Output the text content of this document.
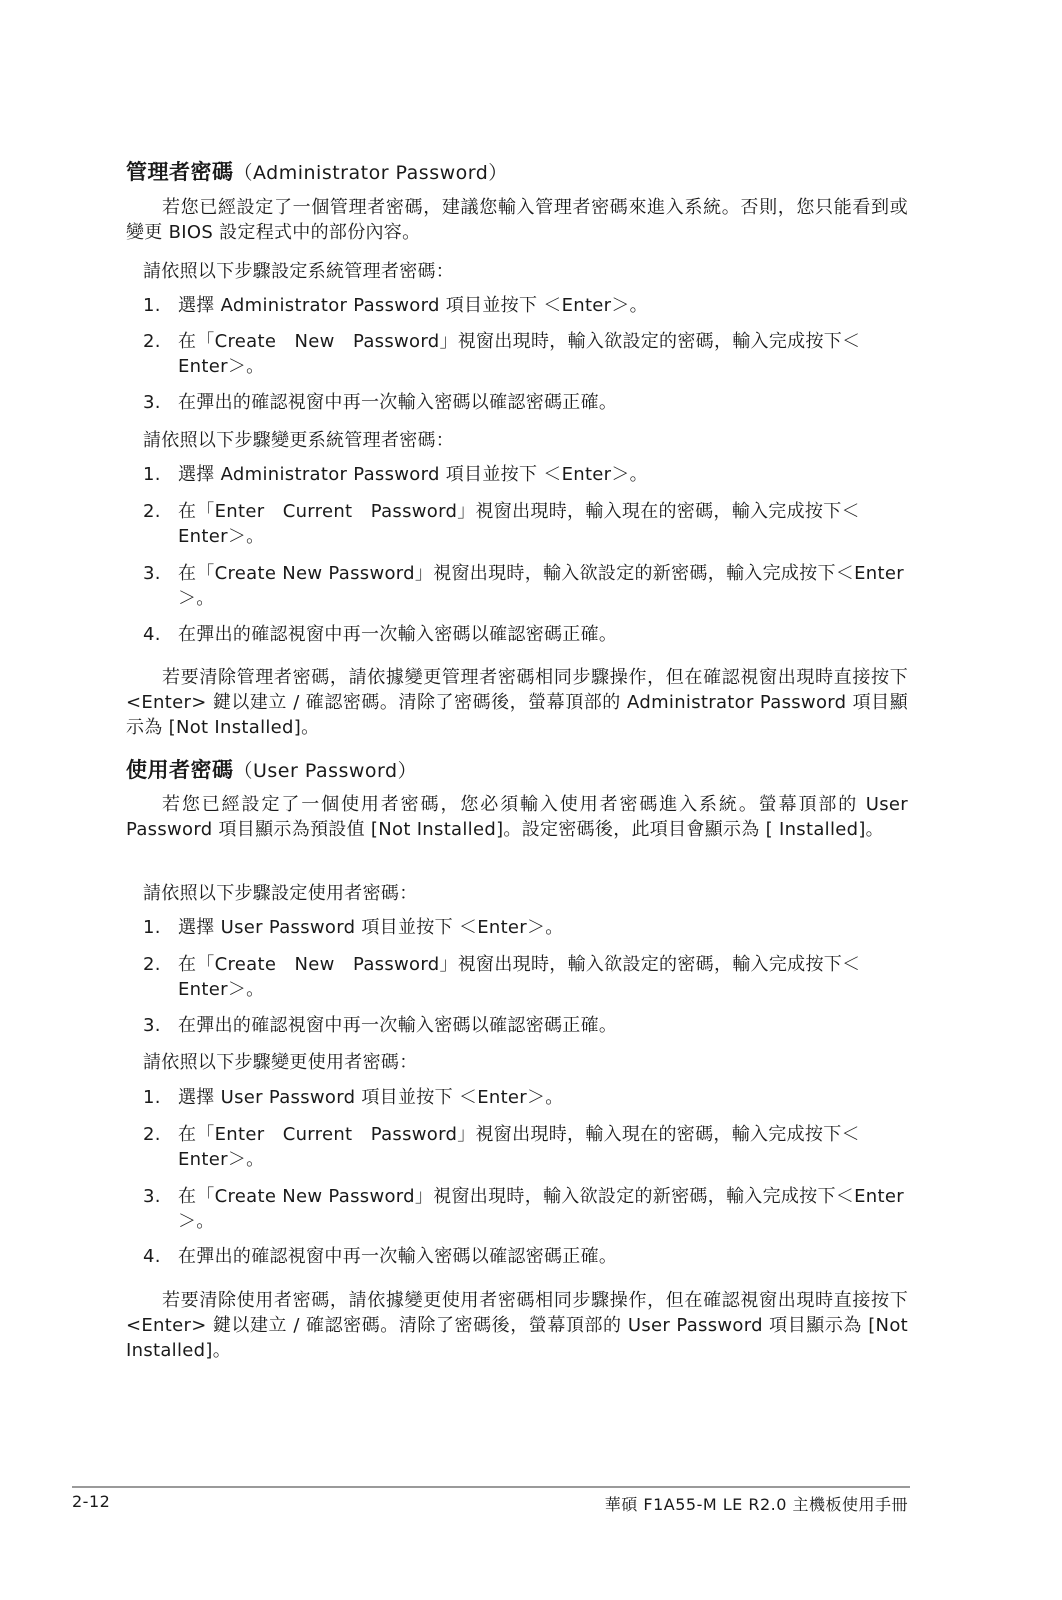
管理者密碼（Administrator Password）
若您已經設定了一個管理者密碼，建議您輸入管理者密碼來進入系統。否則，您只能看到或變更 BIOS 設定程式中的部份內容。
請依照以下步驟設定系統管理者密碼：
1. 選擇 Administrator Password 項目並按下 ＜Enter＞。
2. 在「Create　New　Password」視窗出現時，輸入欲設定的密碼，輸入完成按下＜Enter＞。
3. 在彈出的確認視窗中再一次輸入密碼以確認密碼正確。
請依照以下步驟變更系統管理者密碼：
1. 選擇 Administrator Password 項目並按下 ＜Enter＞。
2. 在「Enter　Current　Password」視窗出現時，輸入現在的密碼，輸入完成按下＜Enter＞。
3. 在「Create New Password」視窗出現時，輸入欲設定的新密碼，輸入完成按下＜Enter＞。
4. 在彈出的確認視窗中再一次輸入密碼以確認密碼正確。
若要清除管理者密碼，請依據變更管理者密碼相同步驟操作，但在確認視窗出現時直接按下 <Enter> 鍵以建立 / 確認密碼。清除了密碼後，螢幕頂部的 Administrator Password 項目顯示為 [Not Installed]。
使用者密碼（User Password）
若您已經設定了一個使用者密碼，您必須輸入使用者密碼進入系統。螢幕頂部的 User Password 項目顯示為預設值 [Not Installed]。設定密碼後，此項目會顯示為 [ Installed]。
請依照以下步驟設定使用者密碼：
1. 選擇 User Password 項目並按下 ＜Enter＞。
2. 在「Create　New　Password」視窗出現時，輸入欲設定的密碼，輸入完成按下＜Enter＞。
3. 在彈出的確認視窗中再一次輸入密碼以確認密碼正確。
請依照以下步驟變更使用者密碼：
1. 選擇 User Password 項目並按下 ＜Enter＞。
2. 在「Enter　Current　Password」視窗出現時，輸入現在的密碼，輸入完成按下＜Enter＞。
3. 在「Create New Password」視窗出現時，輸入欲設定的新密碼，輸入完成按下＜Enter＞。
4. 在彈出的確認視窗中再一次輸入密碼以確認密碼正確。
若要清除使用者密碼，請依據變更使用者密碼相同步驟操作，但在確認視窗出現時直接按下 <Enter> 鍵以建立 / 確認密碼。清除了密碼後，螢幕頂部的 User Password 項目顯示為 [Not Installed]。
2-12	華碩 F1A55-M LE R2.0 主機板使用手冊
